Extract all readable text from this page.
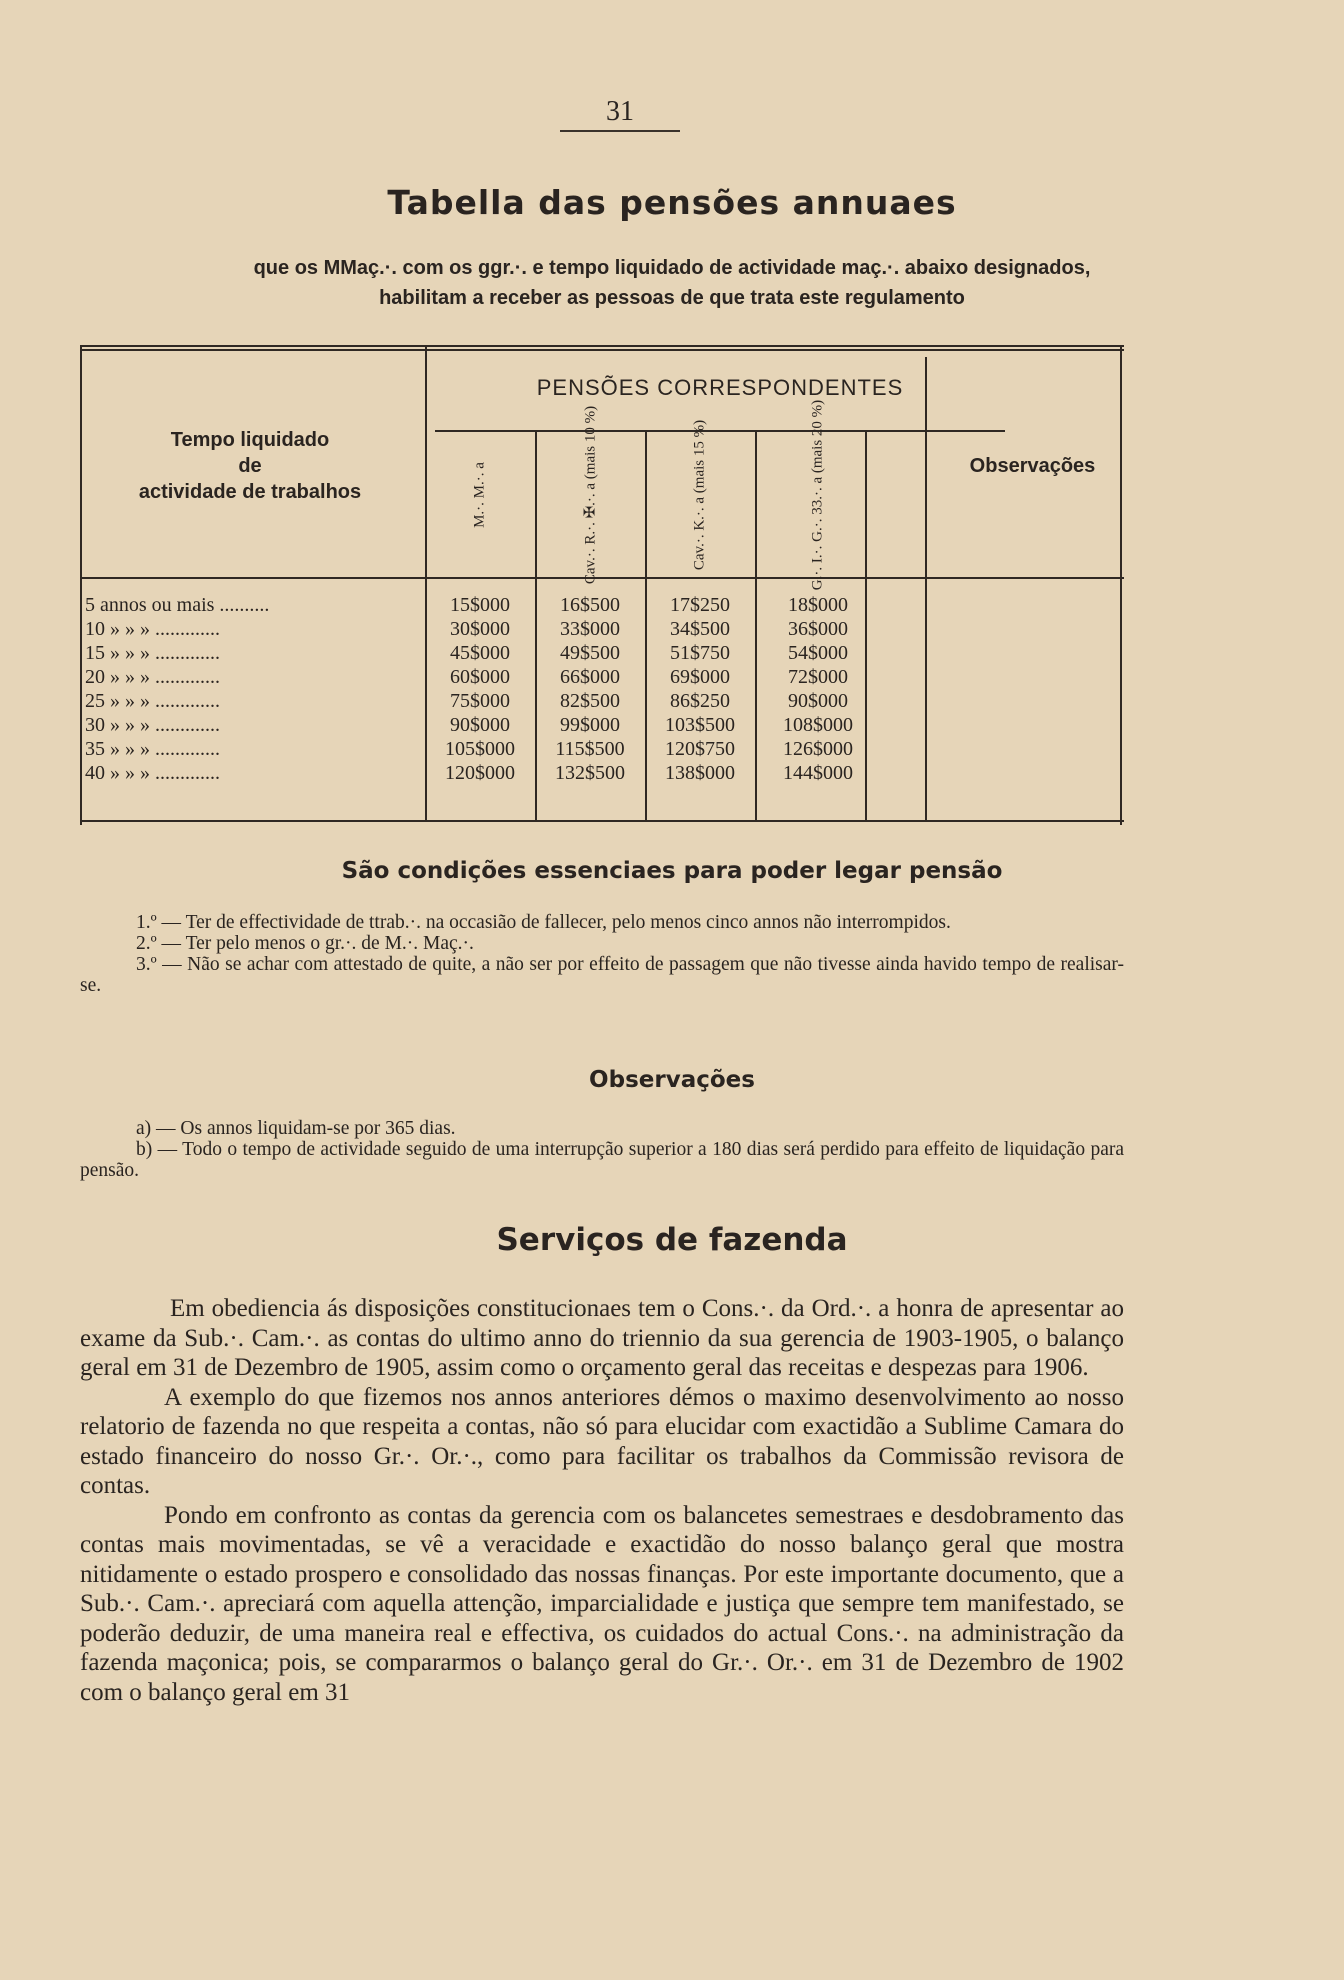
31
Tabella das pensões annuaes
que os MMaç.·. com os ggr.·. e tempo liquidado de actividade maç.·. abaixo designados,
habilitam a receber as pessoas de que trata este regulamento
PENSÕES CORRESPONDENTES
Tempo liquidado
de
actividade de trabalhos
Observações
M.·. M.·. a	Cav.·. R.·. ✠.·. a (mais 10 %)	Cav.·. K.·. a (mais 15 %)	G.·. I.·. G.·. 33.·. a (mais 20 %)
5 annos ou mais ..........	15$000	16$500	17$250	18$000
10 » » » .............	30$000	33$000	34$500	36$000
15 » » » .............	45$000	49$500	51$750	54$000
20 » » » .............	60$000	66$000	69$000	72$000
25 » » » .............	75$000	82$500	86$250	90$000
30 » » » .............	90$000	99$000	103$500	108$000
35 » » » .............	105$000	115$500	120$750	126$000
40 » » » .............	120$000	132$500	138$000	144$000
São condições essenciaes para poder legar pensão
1.º — Ter de effectividade de ttrab.·. na occasião de fallecer, pelo menos cinco annos não interrompidos.
2.º — Ter pelo menos o gr.·. de M.·. Maç.·.
3.º — Não se achar com attestado de quite, a não ser por effeito de passagem que não tivesse ainda havido tempo de realisar-se.
Observações
a) — Os annos liquidam-se por 365 dias.
b) — Todo o tempo de actividade seguido de uma interrupção superior a 180 dias será perdido para effeito de liquidação para pensão.
Serviços de fazenda

Em obediencia ás disposições constitucionaes tem o Cons.·. da Ord.·. a honra de apresentar ao exame da Sub.·. Cam.·. as contas do ultimo anno do triennio da sua gerencia de 1903-1905, o balanço geral em 31 de Dezembro de 1905, assim como o orçamento geral das receitas e despezas para 1906.

A exemplo do que fizemos nos annos anteriores démos o maximo desenvolvimento ao nosso relatorio de fazenda no que respeita a contas, não só para elucidar com exactidão a Sublime Camara do estado financeiro do nosso Gr.·. Or.·., como para facilitar os trabalhos da Commissão revisora de contas.

Pondo em confronto as contas da gerencia com os balancetes semestraes e desdobramento das contas mais movimentadas, se vê a veracidade e exactidão do nosso balanço geral que mostra nitidamente o estado prospero e consolidado das nossas finanças. Por este importante documento, que a Sub.·. Cam.·. apreciará com aquella attenção, imparcialidade e justiça que sempre tem manifestado, se poderão deduzir, de uma maneira real e effectiva, os cuidados do actual Cons.·. na administração da fazenda maçonica; pois, se compararmos o balanço geral do Gr.·. Or.·. em 31 de Dezembro de 1902 com o balanço geral em 31
